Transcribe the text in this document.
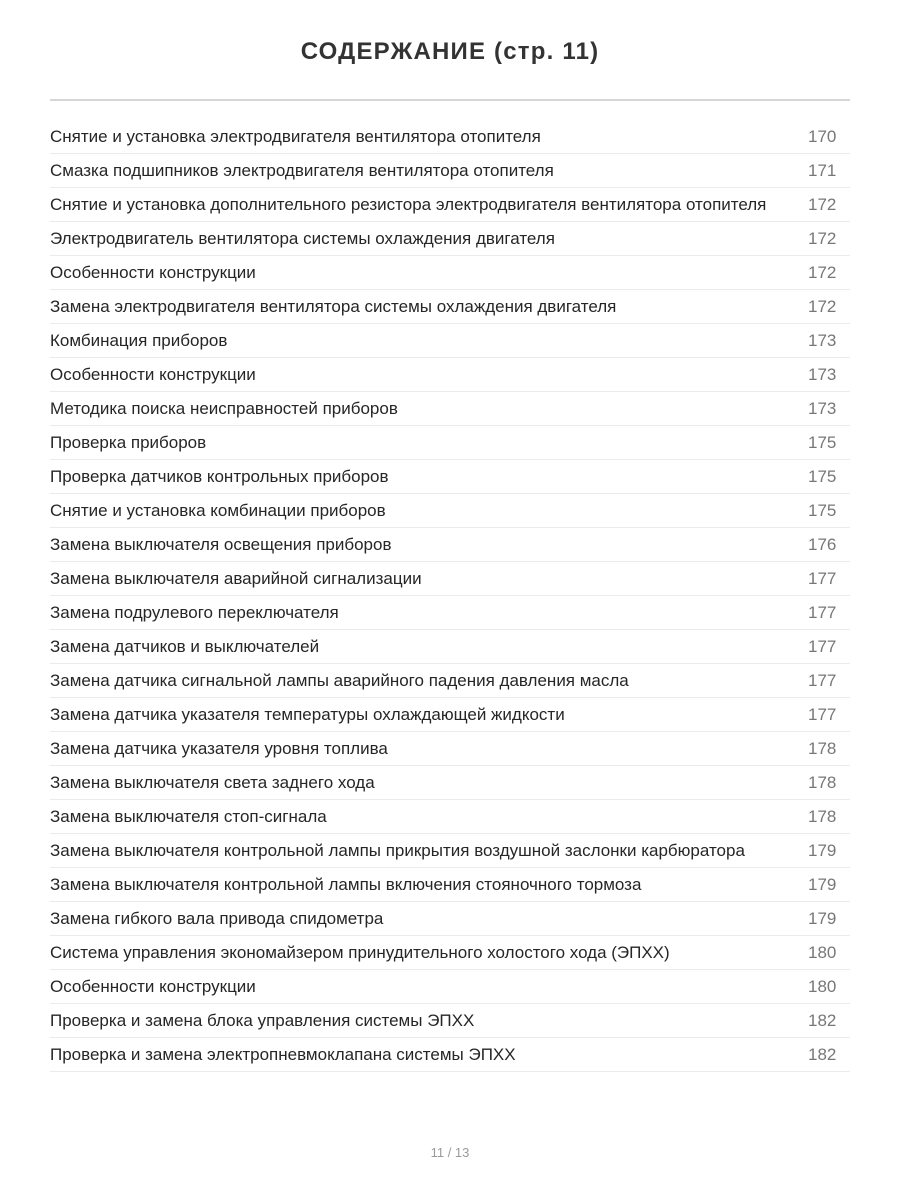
СОДЕРЖАНИЕ (стр. 11)
Снятие и установка электродвигателя вентилятора отопителя	170
Смазка подшипников электродвигателя вентилятора отопителя	171
Снятие и установка дополнительного резистора электродвигателя вентилятора отопителя	172
Электродвигатель вентилятора системы охлаждения двигателя	172
Особенности конструкции	172
Замена электродвигателя вентилятора системы охлаждения двигателя	172
Комбинация приборов	173
Особенности конструкции	173
Методика поиска неисправностей приборов	173
Проверка приборов	175
Проверка датчиков контрольных приборов	175
Снятие и установка комбинации приборов	175
Замена выключателя освещения приборов	176
Замена выключателя аварийной сигнализации	177
Замена подрулевого переключателя	177
Замена датчиков и выключателей	177
Замена датчика сигнальной лампы аварийного падения давления масла	177
Замена датчика указателя температуры охлаждающей жидкости	177
Замена датчика указателя уровня топлива	178
Замена выключателя света заднего хода	178
Замена выключателя стоп-сигнала	178
Замена выключателя контрольной лампы прикрытия воздушной заслонки карбюратора	179
Замена выключателя контрольной лампы включения стояночного тормоза	179
Замена гибкого вала привода спидометра	179
Система управления экономайзером принудительного холостого хода (ЭПХХ)	180
Особенности конструкции	180
Проверка и замена блока управления системы ЭПХХ	182
Проверка и замена электропневмоклапана системы ЭПХХ	182
11 / 13
